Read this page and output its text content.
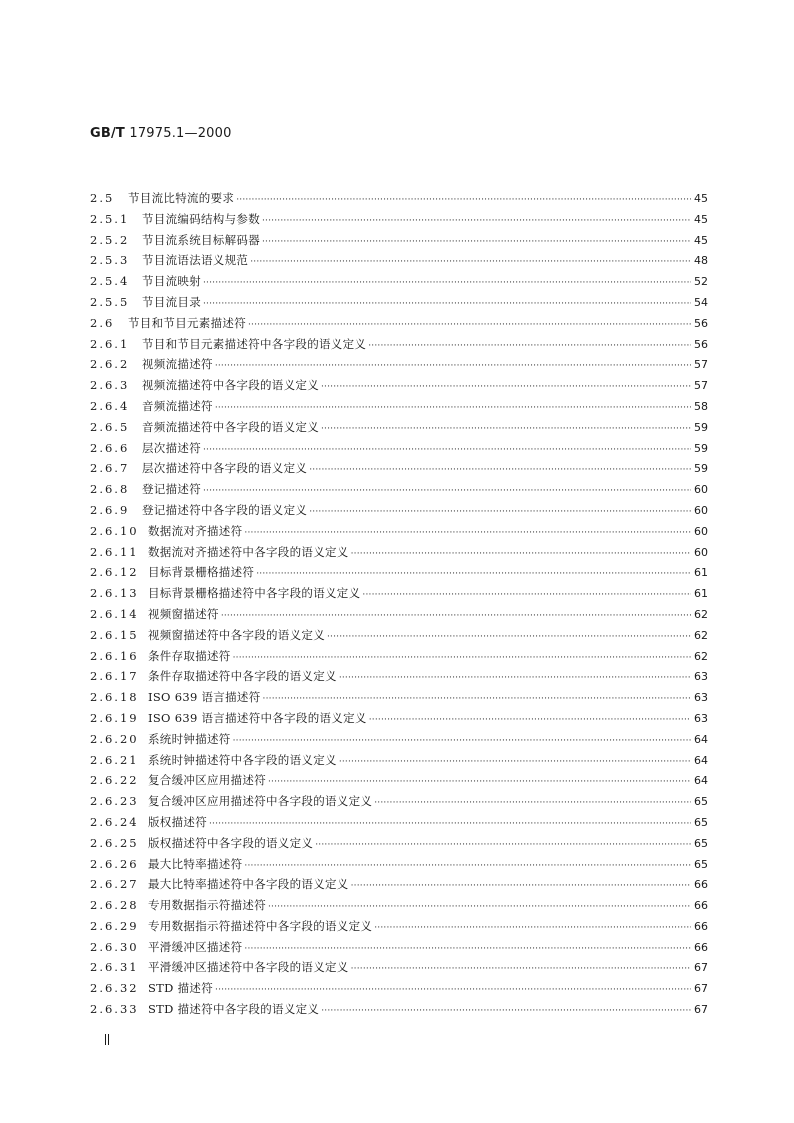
GB/T 17975.1—2000
2.5	节目流比特流的要求 ·····	45
2.5.1	节目流编码结构与参数 ·····	45
2.5.2	节目流系统目标解码器 ·····	45
2.5.3	节目流语法语义规范 ·····	48
2.5.4	节目流映射 ·····	52
2.5.5	节目流目录 ·····	54
2.6	节目和节目元素描述符 ·····	56
2.6.1	节目和节目元素描述符中各字段的语义定义 ·····	56
2.6.2	视频流描述符 ·····	57
2.6.3	视频流描述符中各字段的语义定义 ·····	57
2.6.4	音频流描述符 ·····	58
2.6.5	音频流描述符中各字段的语义定义 ·····	59
2.6.6	层次描述符 ·····	59
2.6.7	层次描述符中各字段的语义定义 ·····	59
2.6.8	登记描述符 ·····	60
2.6.9	登记描述符中各字段的语义定义 ·····	60
2.6.10 数据流对齐描述符 ·····	60
2.6.11 数据流对齐描述符中各字段的语义定义 ·····	60
2.6.12 目标背景栅格描述符 ·····	61
2.6.13 目标背景栅格描述符中各字段的语义定义 ·····	61
2.6.14 视频窗描述符 ·····	62
2.6.15 视频窗描述符中各字段的语义定义 ·····	62
2.6.16 条件存取描述符 ·····	62
2.6.17 条件存取描述符中各字段的语义定义 ·····	63
2.6.18 ISO 639 语言描述符 ·····	63
2.6.19 ISO 639 语言描述符中各字段的语义定义 ·····	63
2.6.20 系统时钟描述符 ·····	64
2.6.21 系统时钟描述符中各字段的语义定义 ·····	64
2.6.22 复合缓冲区应用描述符 ·····	64
2.6.23 复合缓冲区应用描述符中各字段的语义定义 ·····	65
2.6.24 版权描述符 ·····	65
2.6.25 版权描述符中各字段的语义定义 ·····	65
2.6.26 最大比特率描述符 ·····	65
2.6.27 最大比特率描述符中各字段的语义定义 ·····	66
2.6.28 专用数据指示符描述符 ·····	66
2.6.29 专用数据指示符描述符中各字段的语义定义 ·····	66
2.6.30 平滑缓冲区描述符 ·····	66
2.6.31 平滑缓冲区描述符中各字段的语义定义 ·····	67
2.6.32 STD 描述符 ·····	67
2.6.33 STD 描述符中各字段的语义定义 ·····	67
